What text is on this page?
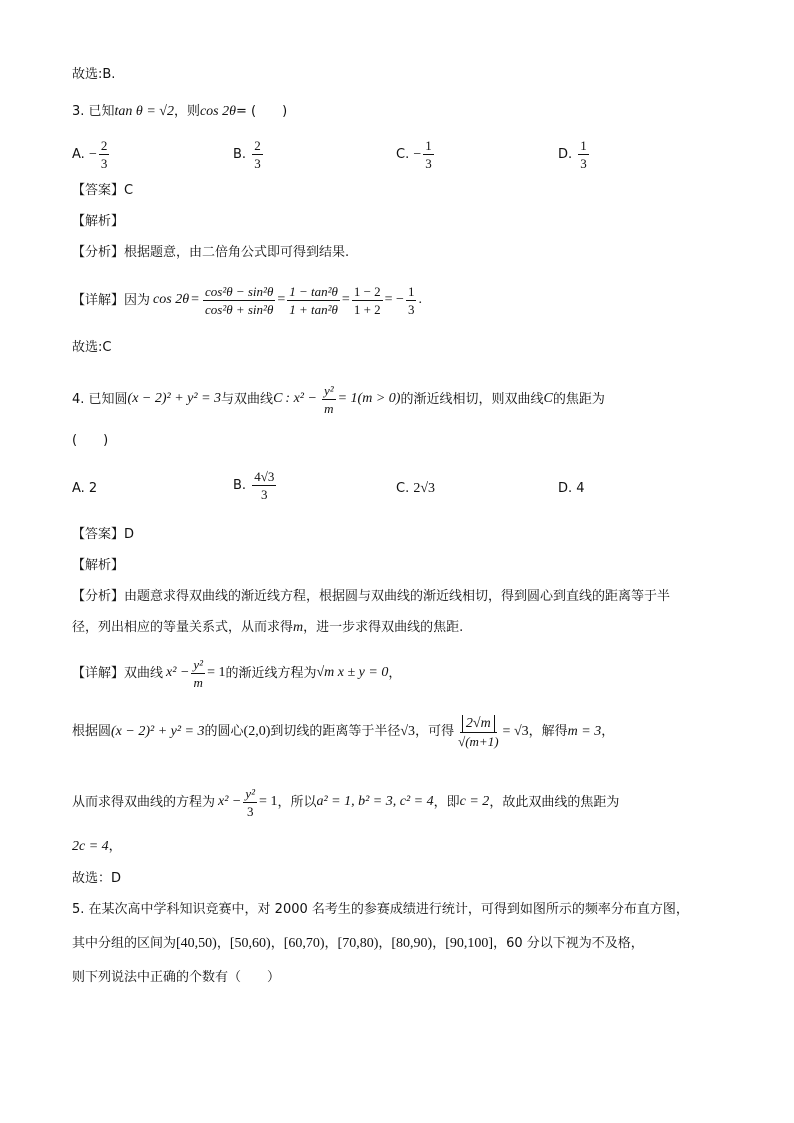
故选:B.
3. 已知tan θ = √2，则cos 2θ= (　　)
A. − $\frac{2}{3}$	B. $\frac{2}{3}$	C. − $\frac{1}{3}$	D. $\frac{1}{3}$
【答案】C
【解析】
【分析】根据题意，由二倍角公式即可得到结果.
【详解】 因为 $\cos 2\theta = \frac{\text{cos²θ − sin²θ}}{\text{cos²θ + sin²θ}} = \frac{\text{1 − tan²θ}}{\text{1 + tan²θ}} = \frac{1 - 2}{1 + 2}$ = − $\frac{1}{3}$ .
故选:C
4. 已知圆 (x − 2)² + y² = 3 与双曲线 C : $x^2 - \frac{\text{y²}}{m} = 1(m > 0)$ 的渐近线相切，则双曲线 C 的焦距为
(　　)
A. 2	B. $\frac{4√3}{3}$	C. 2√3	D. 4
【答案】D
【解析】
【分析】由题意求得双曲线的渐近线方程，根据圆与双曲线的渐近线相切，得到圆心到直线的距离等于半
径，列出相应的等量关系式，从而求得m，进一步求得双曲线的焦距.
【详解】 双曲线 $x^2 - \frac{\text{y²}}{m} = 1$ 的渐近线方程为 √m x ± y = 0 ，
根据圆 (x − 2)² + y² = 3 的圆心 (2,0) 到切线的距离等于半径 √3 ，可得 $\frac{2√m}{√(m+1)} = √3$ ，解得 m = 3 ，
从而求得双曲线的方程为 $x^2 - \frac{\text{y²}}{3} = 1$ ，所以 a² = 1, b² = 3, c² = 4 ，即 c = 2 ，故此双曲线的焦距为
2c = 4，
故选：D
5. 在某次高中学科知识竞赛中，对 2000 名考生的参赛成绩进行统计，可得到如图所示的频率分布直方图，
其中分组的区间为[40,50)，[50,60)，[60,70)，[70,80)，[80,90)，[90,100]，60 分以下视为不及格，
则下列说法中正确的个数有（　　）
